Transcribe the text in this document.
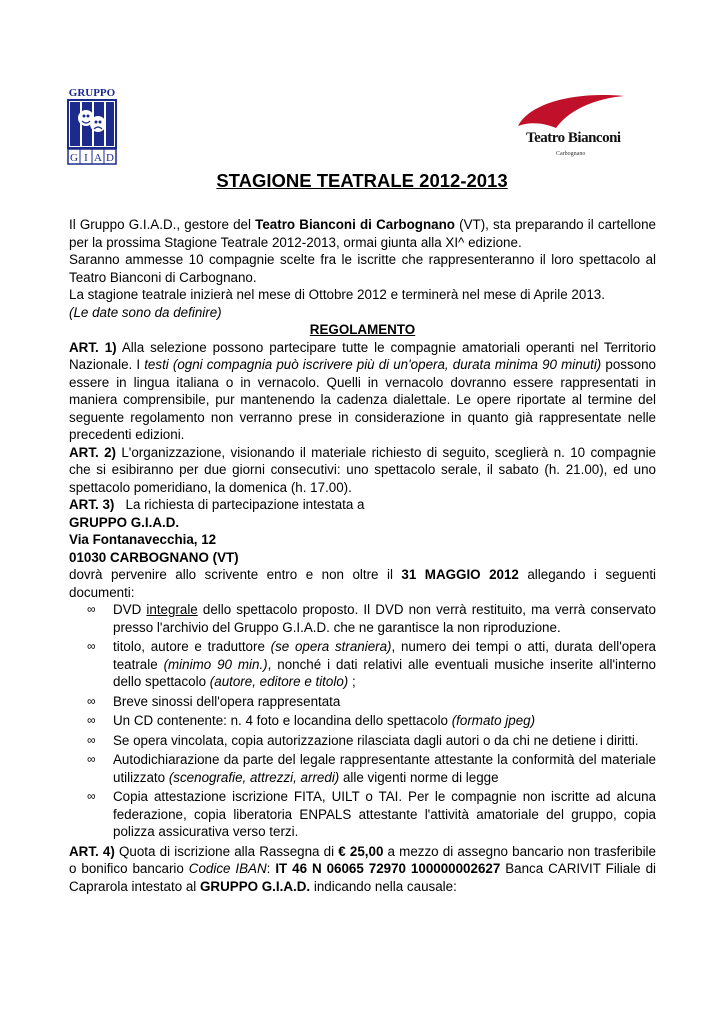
GRUPPO
G I A D
Teatro Bianconi
Carbognano
STAGIONE TEATRALE 2012-2013

Il Gruppo G.I.A.D., gestore del Teatro Bianconi di Carbognano (VT), sta preparando il cartellone per la prossima Stagione Teatrale 2012-2013, ormai giunta alla XI^ edizione.

Saranno ammesse 10 compagnie scelte fra le iscritte che rappresenteranno il loro spettacolo al Teatro Bianconi di Carbognano.

La stagione teatrale inizierà nel mese di Ottobre 2012 e terminerà nel mese di Aprile 2013.

(Le date sono da definire)

REGOLAMENTO

ART. 1) Alla selezione possono partecipare tutte le compagnie amatoriali operanti nel Territorio Nazionale. I testi (ogni compagnia può iscrivere più di un'opera, durata minima 90 minuti) possono essere in lingua italiana o in vernacolo. Quelli in vernacolo dovranno essere rappresentati in maniera comprensibile, pur mantenendo la cadenza dialettale. Le opere riportate al termine del seguente regolamento non verranno prese in considerazione in quanto già rappresentate nelle precedenti edizioni.

ART. 2) L'organizzazione, visionando il materiale richiesto di seguito, sceglierà n. 10 compagnie che si esibiranno per due giorni consecutivi: uno spettacolo serale, il sabato (h. 21.00), ed uno spettacolo pomeridiano, la domenica (h. 17.00).

ART. 3)   La richiesta di partecipazione intestata a

GRUPPO G.I.A.D.

Via Fontanavecchia, 12

01030 CARBOGNANO (VT)

dovrà pervenire allo scrivente entro e non oltre il 31 MAGGIO 2012 allegando i seguenti documenti:

∞ DVD integrale dello spettacolo proposto. Il DVD non verrà restituito, ma verrà conservato presso l'archivio del Gruppo G.I.A.D. che ne garantisce la non riproduzione.
∞ titolo, autore e traduttore (se opera straniera), numero dei tempi o atti, durata dell'opera teatrale (minimo 90 min.), nonché i dati relativi alle eventuali musiche inserite all'interno dello spettacolo (autore, editore e titolo) ;
∞ Breve sinossi dell'opera rappresentata
∞ Un CD contenente: n. 4 foto e locandina dello spettacolo (formato jpeg)
∞ Se opera vincolata, copia autorizzazione rilasciata dagli autori o da chi ne detiene i diritti.
∞ Autodichiarazione da parte del legale rappresentante attestante la conformità del materiale utilizzato (scenografie, attrezzi, arredi) alle vigenti norme di legge
∞ Copia attestazione iscrizione FITA, UILT o TAI. Per le compagnie non iscritte ad alcuna federazione, copia liberatoria ENPALS attestante l'attività amatoriale del gruppo, copia polizza assicurativa verso terzi.

ART. 4) Quota di iscrizione alla Rassegna di € 25,00 a mezzo di assegno bancario non trasferibile o bonifico bancario Codice IBAN: IT 46 N 06065 72970 100000002627 Banca CARIVIT Filiale di Caprarola intestato al GRUPPO G.I.A.D. indicando nella causale:
